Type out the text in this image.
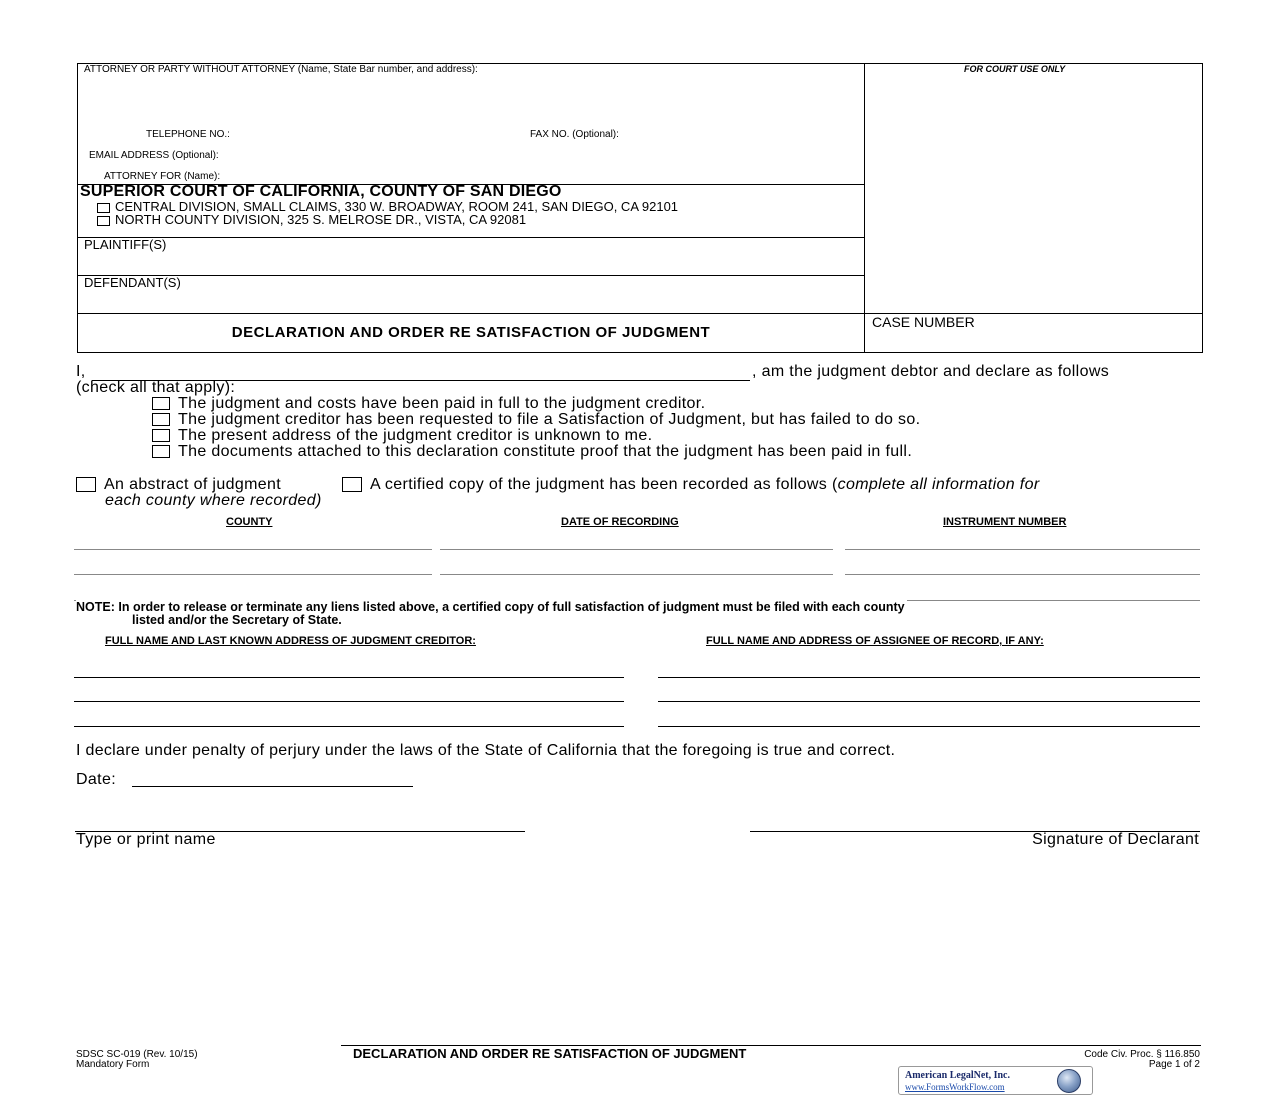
ATTORNEY OR PARTY WITHOUT ATTORNEY (Name, State Bar number, and address):	FOR COURT USE ONLY
TELEPHONE NO.:	FAX NO. (Optional):
EMAIL ADDRESS (Optional):
ATTORNEY FOR (Name):
SUPERIOR COURT OF CALIFORNIA, COUNTY OF SAN DIEGO
CENTRAL DIVISION, SMALL CLAIMS, 330 W. BROADWAY, ROOM 241, SAN DIEGO, CA 92101
NORTH COUNTY DIVISION, 325 S. MELROSE DR., VISTA, CA 92081
PLAINTIFF(S)
DEFENDANT(S)
DECLARATION AND ORDER RE SATISFACTION OF JUDGMENT
CASE NUMBER
I,	, am the judgment debtor and declare as follows
(check all that apply):
The judgment and costs have been paid in full to the judgment creditor.
The judgment creditor has been requested to file a Satisfaction of Judgment, but has failed to do so.
The present address of the judgment creditor is unknown to me.
The documents attached to this declaration constitute proof that the judgment has been paid in full.
An abstract of judgment	A certified copy of the judgment has been recorded as follows (complete all information for
each county where recorded)
COUNTY	DATE OF RECORDING	INSTRUMENT NUMBER
NOTE: In order to release or terminate any liens listed above, a certified copy of full satisfaction of judgment must be filed with each county
listed and/or the Secretary of State.
FULL NAME AND LAST KNOWN ADDRESS OF JUDGMENT CREDITOR:	FULL NAME AND ADDRESS OF ASSIGNEE OF RECORD, IF ANY:
I declare under penalty of perjury under the laws of the State of California that the foregoing is true and correct.
Date:
Type or print name	Signature of Declarant
SDSC SC-019 (Rev. 10/15)
Mandatory Form
DECLARATION AND ORDER RE SATISFACTION OF JUDGMENT	Code Civ. Proc. § 116.850
Page 1 of 2
American LegalNet, Inc.
www.FormsWorkFlow.com
